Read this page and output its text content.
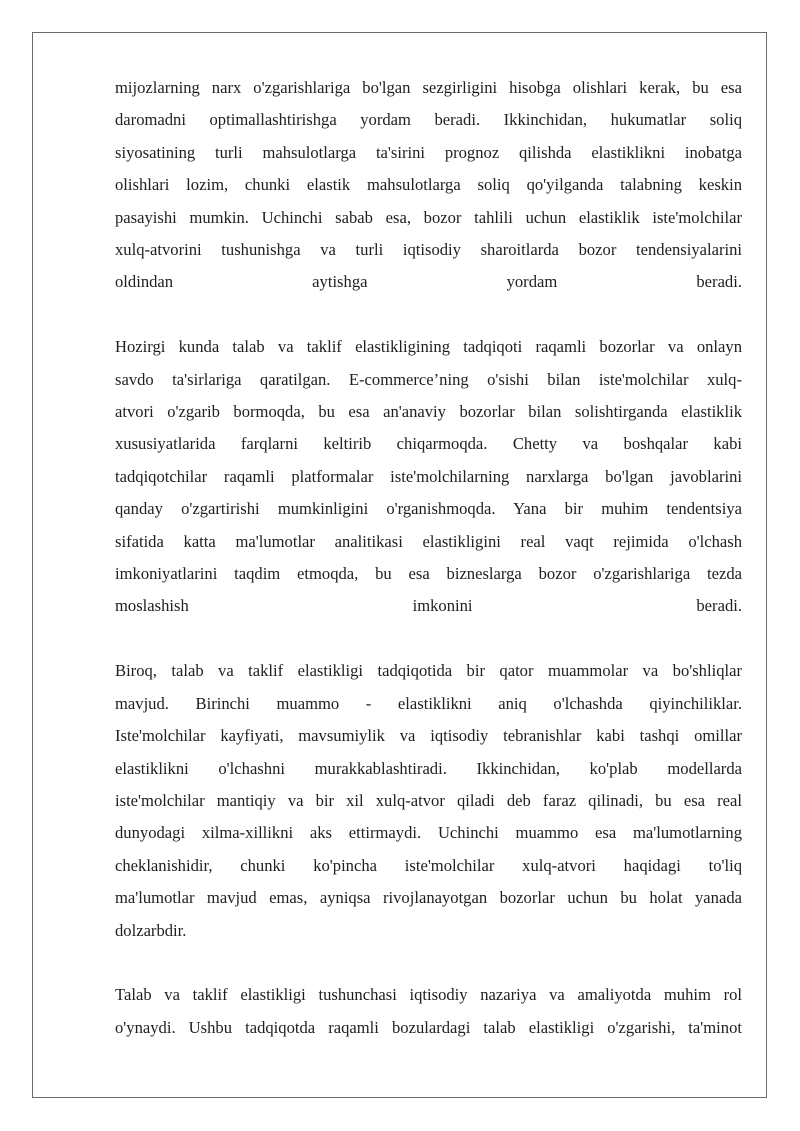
mijozlarning narx o'zgarishlariga bo'lgan sezgirligini hisobga olishlari kerak, bu esa
daromadni optimallashtirishga yordam beradi. Ikkinchidan, hukumatlar soliq
siyosatining turli mahsulotlarga ta'sirini prognoz qilishda elastiklikni inobatga
olishlari lozim, chunki elastik mahsulotlarga soliq qo'yilganda talabning keskin
pasayishi mumkin. Uchinchi sabab esa, bozor tahlili uchun elastiklik iste'molchilar
xulq-atvorini tushunishga va turli iqtisodiy sharoitlarda bozor tendensiyalarini
oldindan aytishga yordam beradi.

Hozirgi kunda talab va taklif elastikligining tadqiqoti raqamli bozorlar va onlayn
savdo ta'sirlariga qaratilgan. E-commerce’ning o'sishi bilan iste'molchilar xulq-
atvori o'zgarib bormoqda, bu esa an'anaviy bozorlar bilan solishtirganda elastiklik
xususiyatlarida farqlarni keltirib chiqarmoqda. Chetty va boshqalar kabi
tadqiqotchilar raqamli platformalar iste'molchilarning narxlarga bo'lgan javoblarini
qanday o'zgartirishi mumkinligini o'rganishmoqda. Yana bir muhim tendentsiya
sifatida katta ma'lumotlar analitikasi elastikligini real vaqt rejimida o'lchash
imkoniyatlarini taqdim etmoqda, bu esa bizneslarga bozor o'zgarishlariga tezda
moslashish imkonini beradi.

Biroq, talab va taklif elastikligi tadqiqotida bir qator muammolar va bo'shliqlar
mavjud. Birinchi muammo - elastiklikni aniq o'lchashda qiyinchiliklar.
Iste'molchilar kayfiyati, mavsumiylik va iqtisodiy tebranishlar kabi tashqi omillar
elastiklikni o'lchashni murakkablashtiradi. Ikkinchidan, ko'plab modellarda
iste'molchilar mantiqiy va bir xil xulq-atvor qiladi deb faraz qilinadi, bu esa real
dunyodagi xilma-xillikni aks ettirmaydi. Uchinchi muammo esa ma'lumotlarning
cheklanishidir, chunki ko'pincha iste'molchilar xulq-atvori haqidagi to'liq
ma'lumotlar mavjud emas, ayniqsa rivojlanayotgan bozorlar uchun bu holat yanada
dolzarbdir.

Talab va taklif elastikligi tushunchasi iqtisodiy nazariya va amaliyotda muhim rol
o'ynaydi. Ushbu tadqiqotda raqamli bozulardagi talab elastikligi o'zgarishi, ta'minot
